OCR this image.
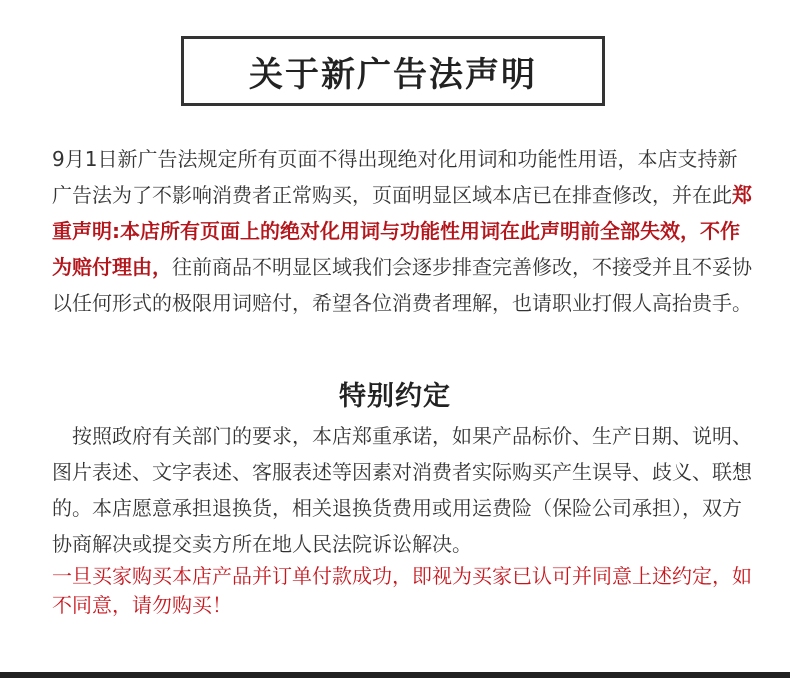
关于新广告法声明

9月1日新广告法规定所有页面不得出现绝对化用词和功能性用语，本店支持新广告法为了不影响消费者正常购买，页面明显区域本店已在排查修改，并在此郑重声明:本店所有页面上的绝对化用词与功能性用词在此声明前全部失效，不作为赔付理由，往前商品不明显区域我们会逐步排查完善修改，不接受并且不妥协以任何形式的极限用词赔付，希望各位消费者理解，也请职业打假人高抬贵手。

特别约定

按照政府有关部门的要求，本店郑重承诺，如果产品标价、生产日期、说明、图片表述、文字表述、客服表述等因素对消费者实际购买产生误导、歧义、联想的。本店愿意承担退换货，相关退换货费用或用运费险（保险公司承担），双方协商解决或提交卖方所在地人民法院诉讼解决。

一旦买家购买本店产品并订单付款成功，即视为买家已认可并同意上述约定，如不同意，请勿购买！
